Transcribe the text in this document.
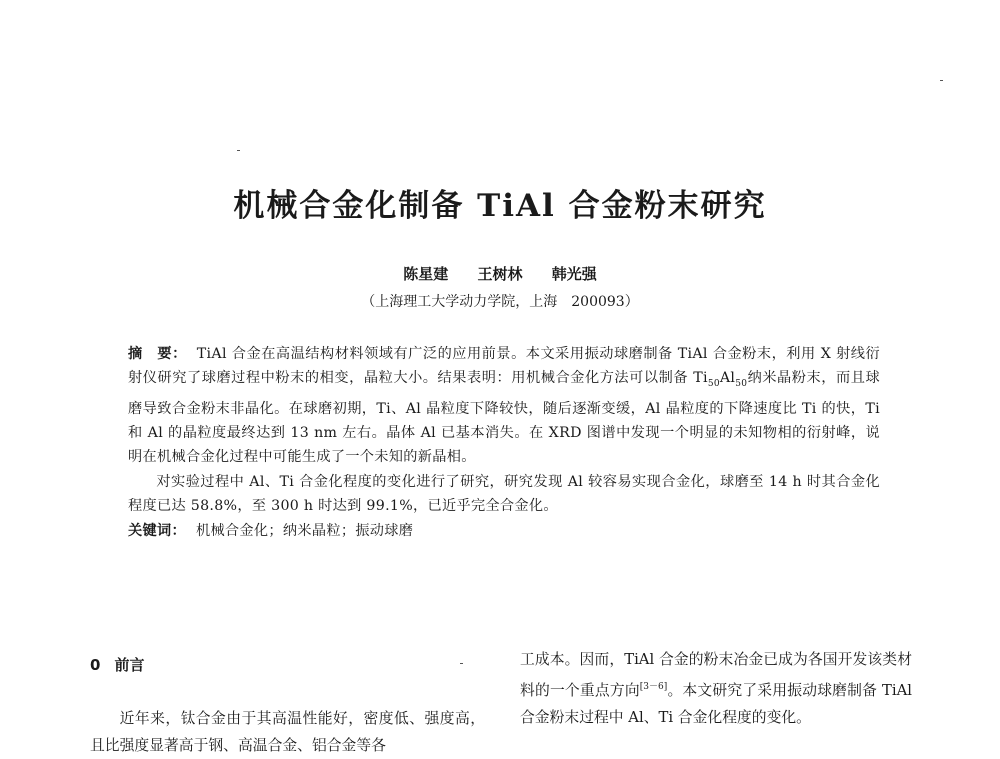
机械合金化制备 TiAl 合金粉末研究
陈星建 王树林 韩光强
（上海理工大学动力学院，上海　200093）

摘　要： TiAl 合金在高温结构材料领域有广泛的应用前景。本文采用振动球磨制备 TiAl 合金粉末，利用 X 射线衍射仪研究了球磨过程中粉末的相变，晶粒大小。结果表明：用机械合金化方法可以制备 $Ti_{50}Al_{50}$纳米晶粉末，而且球磨导致合金粉末非晶化。在球磨初期，Ti、Al 晶粒度下降较快，随后逐渐变缓，Al 晶粒度的下降速度比 Ti 的快，Ti 和 Al 的晶粒度最终达到 13 nm 左右。晶体 Al 已基本消失。在 XRD 图谱中发现一个明显的未知物相的衍射峰，说明在机械合金化过程中可能生成了一个未知的新晶相。

对实验过程中 Al、Ti 合金化程度的变化进行了研究，研究发现 Al 较容易实现合金化，球磨至 14 h 时其合金化程度已达 58.8%，至 300 h 时达到 99.1%，已近乎完全合金化。

关键词： 机械合金化；纳米晶粒；振动球磨

0 前言

近年来，钛合金由于其高温性能好，密度低、强度高，且比强度显著高于钢、高温合金、铝合金等各

工成本。因而，TiAl 合金的粉末冶金已成为各国开发该类材料的一个重点方向[3－6]。本文研究了采用振动球磨制备 TiAl 合金粉末过程中 Al、Ti 合金化程度的变化。
